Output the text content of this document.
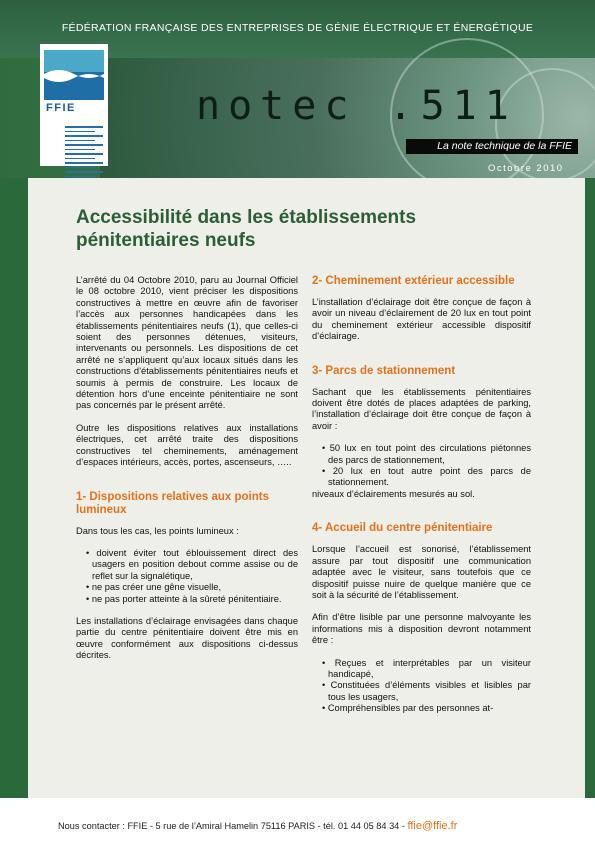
FÉDÉRATION FRANÇAISE DES ENTREPRISES DE GÉNIE ÉLECTRIQUE ET ÉNERGÉTIQUE
FFIE	notec .511
La note technique de la FFIE
Octobre 2010
Accessibilité dans les établissements pénitentiaires neufs

L’arrêté du 04 Octobre 2010, paru au Journal Officiel le 08 octobre 2010, vient préciser les dispositions constructives à mettre en œuvre afin de favoriser l’accès aux personnes handicapées dans les établissements pénitentiaires neufs (1), que celles-ci soient des personnes détenues, visiteurs, intervenants ou personnels. Les dispositions de cet arrêté ne s’appliquent qu’aux locaux situés dans les constructions d’établissements pénitentiaires neufs et soumis à permis de construire. Les locaux de détention hors d’une enceinte pénitentiaire ne sont pas concernés par le présent arrêté.

Outre les dispositions relatives aux installations électriques, cet arrêté traite des dispositions constructives tel cheminements, aménagement d’espaces intérieurs, accès, portes, ascenseurs, …..

1- Dispositions relatives aux points lumineux

Dans tous les cas, les points lumineux :

• doivent éviter tout éblouissement direct des usagers en position debout comme assise ou de reflet sur la signalétique,
• ne pas créer une gêne visuelle,
• ne pas porter atteinte à la sûreté pénitentiaire.

Les installations d’éclairage envisagées dans chaque partie du centre pénitentiaire doivent être mis en œuvre conformément aux dispositions ci-dessus décrites.

2- Cheminement extérieur accessible

L’installation d’éclairage doit être conçue de façon à avoir un niveau d’éclairement de 20 lux en tout point du cheminement extérieur accessible dispositif d’éclairage.

3- Parcs de stationnement

Sachant que les établissements pénitentiaires doivent être dotés de places adaptées de parking, l’installation d’éclairage doit être conçue de façon à avoir :

• 50 lux en tout point des circulations piétonnes des parcs de stationnement,
• 20 lux en tout autre point des parcs de stationnement.

niveaux d’éclairements mesurés au sol.

4- Accueil du centre pénitentiaire

Lorsque l’accueil est sonorisé, l’établissement assure par tout dispositif une communication adaptée avec le visiteur, sans toutefois que ce dispositif puisse nuire de quelque manière que ce soit à la sécurité de l’établissement.

Afin d’être lisible par une personne malvoyante les informations mis à disposition devront notamment être :

• Reçues et interprétables par un visiteur handicapé,
• Constituées d’éléments visibles et lisibles par tous les usagers,
• Compréhensibles par des personnes at-
Nous contacter : FFIE - 5 rue de l’Amiral Hamelin 75116 PARIS - tél. 01 44 05 84 34 - ffie@ffie.fr
